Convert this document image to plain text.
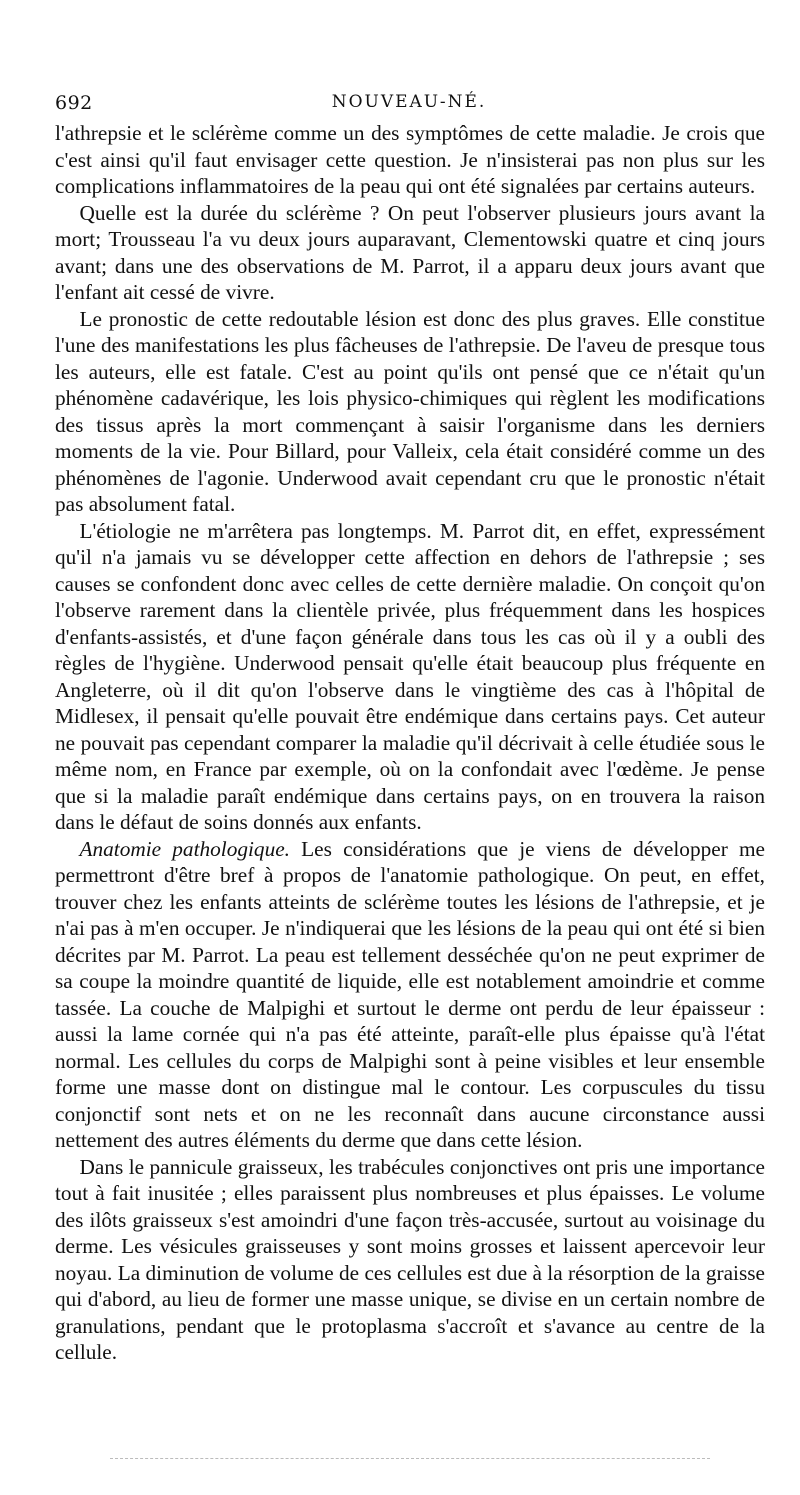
692	NOUVEAU-NÉ.

l'athrepsie et le sclérème comme un des symptômes de cette maladie. Je crois que c'est ainsi qu'il faut envisager cette question. Je n'insisterai pas non plus sur les complications inflammatoires de la peau qui ont été signalées par certains auteurs.

Quelle est la durée du sclérème ? On peut l'observer plusieurs jours avant la mort; Trousseau l'a vu deux jours auparavant, Clementowski quatre et cinq jours avant; dans une des observations de M. Parrot, il a apparu deux jours avant que l'enfant ait cessé de vivre.

Le pronostic de cette redoutable lésion est donc des plus graves. Elle constitue l'une des manifestations les plus fâcheuses de l'athrepsie. De l'aveu de presque tous les auteurs, elle est fatale. C'est au point qu'ils ont pensé que ce n'était qu'un phénomène cadavérique, les lois physico-chimiques qui règlent les modifications des tissus après la mort commençant à saisir l'organisme dans les derniers moments de la vie. Pour Billard, pour Valleix, cela était considéré comme un des phénomènes de l'agonie. Underwood avait cependant cru que le pronostic n'était pas absolument fatal.

L'étiologie ne m'arrêtera pas longtemps. M. Parrot dit, en effet, expressément qu'il n'a jamais vu se développer cette affection en dehors de l'athrepsie ; ses causes se confondent donc avec celles de cette dernière maladie. On conçoit qu'on l'observe rarement dans la clientèle privée, plus fréquemment dans les hospices d'enfants-assistés, et d'une façon générale dans tous les cas où il y a oubli des règles de l'hygiène. Underwood pensait qu'elle était beaucoup plus fréquente en Angleterre, où il dit qu'on l'observe dans le vingtième des cas à l'hôpital de Midlesex, il pensait qu'elle pouvait être endémique dans certains pays. Cet auteur ne pouvait pas cependant comparer la maladie qu'il décrivait à celle étudiée sous le même nom, en France par exemple, où on la confondait avec l'œdème. Je pense que si la maladie paraît endémique dans certains pays, on en trouvera la raison dans le défaut de soins donnés aux enfants.

Anatomie pathologique. Les considérations que je viens de développer me permettront d'être bref à propos de l'anatomie pathologique. On peut, en effet, trouver chez les enfants atteints de sclérème toutes les lésions de l'athrepsie, et je n'ai pas à m'en occuper. Je n'indiquerai que les lésions de la peau qui ont été si bien décrites par M. Parrot. La peau est tellement desséchée qu'on ne peut exprimer de sa coupe la moindre quantité de liquide, elle est notablement amoindrie et comme tassée. La couche de Malpighi et surtout le derme ont perdu de leur épaisseur : aussi la lame cornée qui n'a pas été atteinte, paraît-elle plus épaisse qu'à l'état normal. Les cellules du corps de Malpighi sont à peine visibles et leur ensemble forme une masse dont on distingue mal le contour. Les corpuscules du tissu conjonctif sont nets et on ne les reconnaît dans aucune circonstance aussi nettement des autres éléments du derme que dans cette lésion.

Dans le pannicule graisseux, les trabécules conjonctives ont pris une importance tout à fait inusitée ; elles paraissent plus nombreuses et plus épaisses. Le volume des ilôts graisseux s'est amoindri d'une façon très-accusée, surtout au voisinage du derme. Les vésicules graisseuses y sont moins grosses et laissent apercevoir leur noyau. La diminution de volume de ces cellules est due à la résorption de la graisse qui d'abord, au lieu de former une masse unique, se divise en un certain nombre de granulations, pendant que le protoplasma s'accroît et s'avance au centre de la cellule.
